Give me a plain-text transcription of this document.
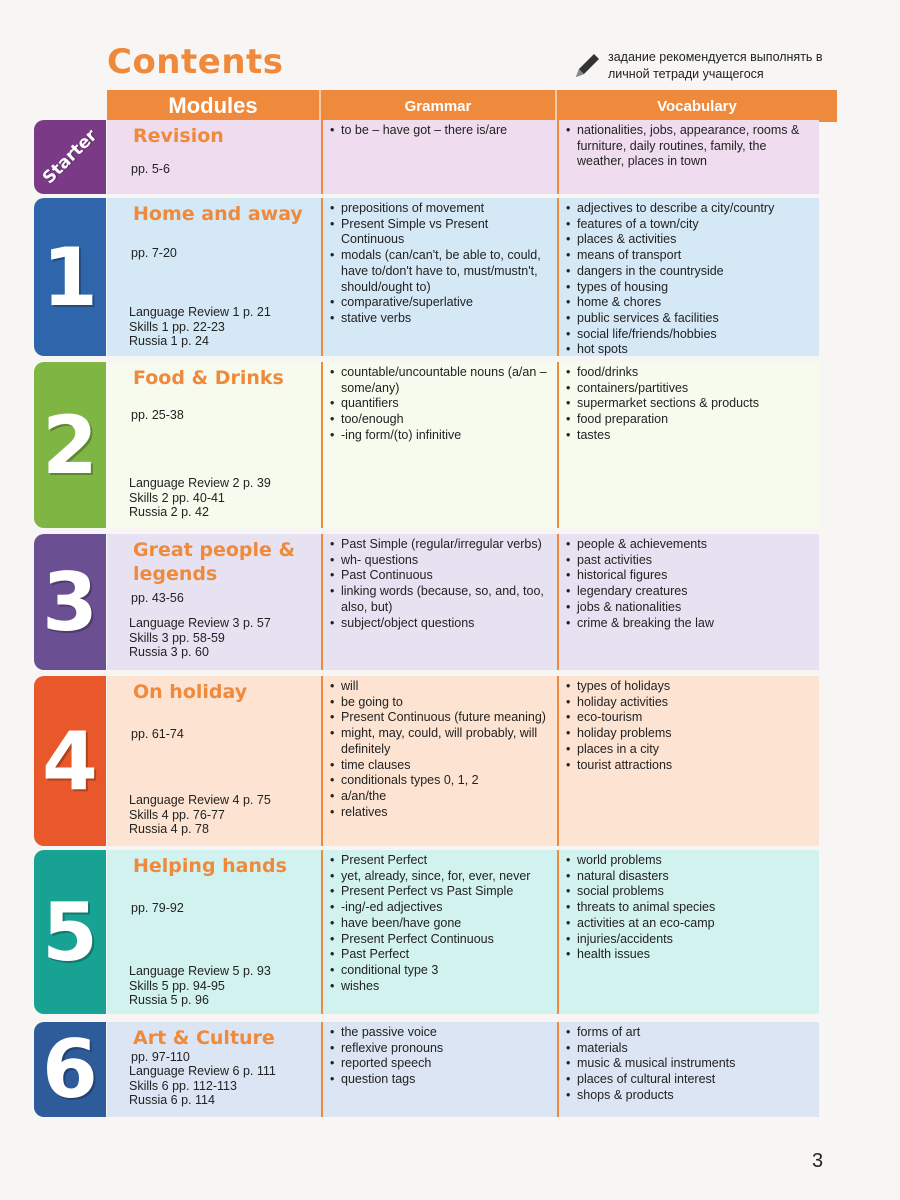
Contents	задание рекомендуется выполнять в личной тетради учащегося
Modules	Grammar	Vocabulary
Starter Revision
pp. 5-6
• to be – have got – there is/are
•	nationalities, jobs, appearance, rooms & furniture, daily routines, family, the weather, places in town
1
Home and away
pp. 7-20
Language Review 1 p. 21
Skills 1 pp. 22-23
Russia 1 p. 24
• prepositions of movement
• Present Simple vs Present Continuous
• modals (can/can't, be able to, could, have to/don't have to, must/mustn't, should/ought to)
• comparative/superlative
• stative verbs
• adjectives to describe a city/country
• features of a town/city
• places & activities
• means of transport
• dangers in the countryside
• types of housing
• home & chores
• public services & facilities
• social life/friends/hobbies
• hot spots
2
Food & Drinks
pp. 25-38
Language Review 2 p. 39
Skills 2 pp. 40-41
Russia 2 p. 42
• countable/uncountable nouns (a/an – some/any)
• quantifiers
• too/enough
• -ing form/(to) infinitive
• food/drinks
• containers/partitives
• supermarket sections & products
• food preparation
• tastes
3
Great people & legends
pp. 43-56
Language Review 3 p. 57
Skills 3 pp. 58-59
Russia 3 p. 60
• Past Simple (regular/irregular verbs)
• wh- questions
• Past Continuous
• linking words (because, so, and, too, also, but)
• subject/object questions
• people & achievements
• past activities
• historical figures
• legendary creatures
• jobs & nationalities
• crime & breaking the law
4
On holiday
pp. 61-74
Language Review 4 p. 75
Skills 4 pp. 76-77
Russia 4 p. 78
• will
• be going to
• Present Continuous (future meaning)
• might, may, could, will probably, will definitely
• time clauses
• conditionals types 0, 1, 2
• a/an/the
• relatives
• types of holidays
• holiday activities
• eco-tourism
• holiday problems
• places in a city
• tourist attractions
5
Helping hands
pp. 79-92
Language Review 5 p. 93
Skills 5 pp. 94-95
Russia 5 p. 96
• Present Perfect
• yet, already, since, for, ever, never
• Present Perfect vs Past Simple
• -ing/-ed adjectives
• have been/have gone
• Present Perfect Continuous
• Past Perfect
• conditional type 3
• wishes
• world problems
• natural disasters
• social problems
• threats to animal species
• activities at an eco-camp
• injuries/accidents
• health issues
6 Art & Culture
pp. 97-110
Language Review 6 p. 111
Skills 6 pp. 112-113
Russia 6 p. 114
• the passive voice
• reflexive pronouns
• reported speech
• question tags
• forms of art
• materials
• music & musical instruments
• places of cultural interest
• shops & products
3
